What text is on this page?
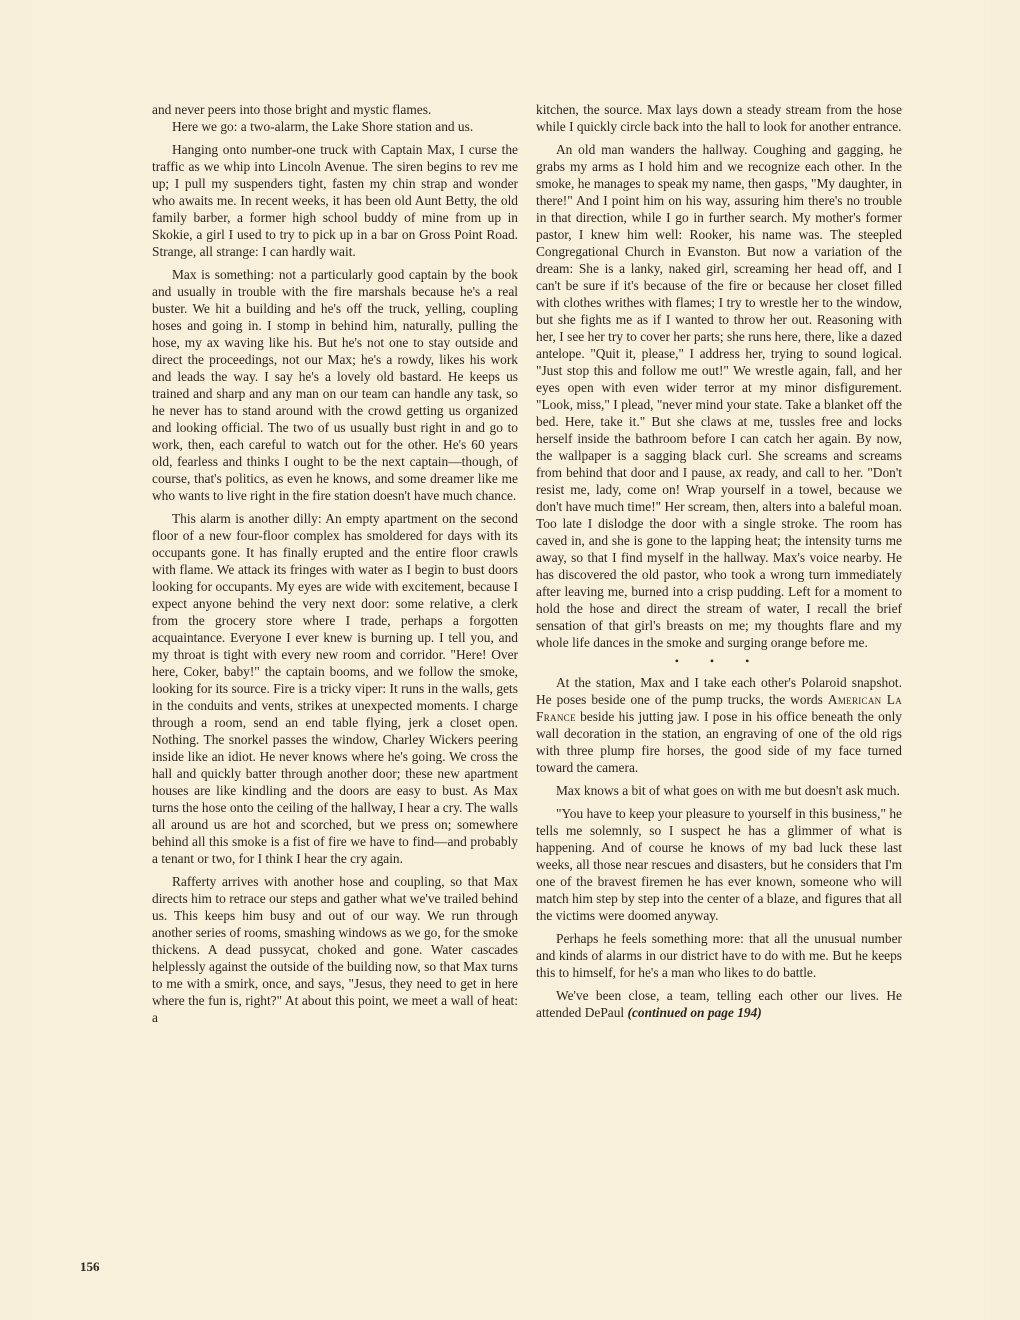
and never peers into those bright and mystic flames.

Here we go: a two-alarm, the Lake Shore station and us.

Hanging onto number-one truck with Captain Max, I curse the traffic as we whip into Lincoln Avenue. The siren begins to rev me up; I pull my suspenders tight, fasten my chin strap and wonder who awaits me. In recent weeks, it has been old Aunt Betty, the old family barber, a former high school buddy of mine from up in Skokie, a girl I used to try to pick up in a bar on Gross Point Road. Strange, all strange: I can hardly wait.

Max is something: not a particularly good captain by the book and usually in trouble with the fire marshals because he's a real buster. We hit a building and he's off the truck, yelling, coupling hoses and going in. I stomp in behind him, naturally, pulling the hose, my ax waving like his. But he's not one to stay outside and direct the proceedings, not our Max; he's a rowdy, likes his work and leads the way. I say he's a lovely old bastard. He keeps us trained and sharp and any man on our team can handle any task, so he never has to stand around with the crowd getting us organized and looking official. The two of us usually bust right in and go to work, then, each careful to watch out for the other. He's 60 years old, fearless and thinks I ought to be the next captain—though, of course, that's politics, as even he knows, and some dreamer like me who wants to live right in the fire station doesn't have much chance.

This alarm is another dilly: An empty apartment on the second floor of a new four-floor complex has smoldered for days with its occupants gone. It has finally erupted and the entire floor crawls with flame. We attack its fringes with water as I begin to bust doors looking for occupants. My eyes are wide with excitement, because I expect anyone behind the very next door: some relative, a clerk from the grocery store where I trade, perhaps a forgotten acquaintance. Everyone I ever knew is burning up. I tell you, and my throat is tight with every new room and corridor. "Here! Over here, Coker, baby!" the captain booms, and we follow the smoke, looking for its source. Fire is a tricky viper: It runs in the walls, gets in the conduits and vents, strikes at unexpected moments. I charge through a room, send an end table flying, jerk a closet open. Nothing. The snorkel passes the window, Charley Wickers peering inside like an idiot. He never knows where he's going. We cross the hall and quickly batter through another door; these new apartment houses are like kindling and the doors are easy to bust. As Max turns the hose onto the ceiling of the hallway, I hear a cry. The walls all around us are hot and scorched, but we press on; somewhere behind all this smoke is a fist of fire we have to find—and probably a tenant or two, for I think I hear the cry again.

Rafferty arrives with another hose and coupling, so that Max directs him to retrace our steps and gather what we've trailed behind us. This keeps him busy and out of our way. We run through another series of rooms, smashing windows as we go, for the smoke thickens. A dead pussycat, choked and gone. Water cascades helplessly against the outside of the building now, so that Max turns to me with a smirk, once, and says, "Jesus, they need to get in here where the fun is, right?" At about this point, we meet a wall of heat: a

kitchen, the source. Max lays down a steady stream from the hose while I quickly circle back into the hall to look for another entrance.

An old man wanders the hallway. Coughing and gagging, he grabs my arms as I hold him and we recognize each other. In the smoke, he manages to speak my name, then gasps, "My daughter, in there!" And I point him on his way, assuring him there's no trouble in that direction, while I go in further search. My mother's former pastor, I knew him well: Rooker, his name was. The steepled Congregational Church in Evanston. But now a variation of the dream: She is a lanky, naked girl, screaming her head off, and I can't be sure if it's because of the fire or because her closet filled with clothes writhes with flames; I try to wrestle her to the window, but she fights me as if I wanted to throw her out. Reasoning with her, I see her try to cover her parts; she runs here, there, like a dazed antelope. "Quit it, please," I address her, trying to sound logical. "Just stop this and follow me out!" We wrestle again, fall, and her eyes open with even wider terror at my minor disfigurement. "Look, miss," I plead, "never mind your state. Take a blanket off the bed. Here, take it." But she claws at me, tussles free and locks herself inside the bathroom before I can catch her again. By now, the wallpaper is a sagging black curl. She screams and screams from behind that door and I pause, ax ready, and call to her. "Don't resist me, lady, come on! Wrap yourself in a towel, because we don't have much time!" Her scream, then, alters into a baleful moan. Too late I dislodge the door with a single stroke. The room has caved in, and she is gone to the lapping heat; the intensity turns me away, so that I find myself in the hallway. Max's voice nearby. He has discovered the old pastor, who took a wrong turn immediately after leaving me, burned into a crisp pudding. Left for a moment to hold the hose and direct the stream of water, I recall the brief sensation of that girl's breasts on me; my thoughts flare and my whole life dances in the smoke and surging orange before me.

• • •

At the station, Max and I take each other's Polaroid snapshot. He poses beside one of the pump trucks, the words American La France beside his jutting jaw. I pose in his office beneath the only wall decoration in the station, an engraving of one of the old rigs with three plump fire horses, the good side of my face turned toward the camera.

Max knows a bit of what goes on with me but doesn't ask much.

"You have to keep your pleasure to yourself in this business," he tells me solemnly, so I suspect he has a glimmer of what is happening. And of course he knows of my bad luck these last weeks, all those near rescues and disasters, but he considers that I'm one of the bravest firemen he has ever known, someone who will match him step by step into the center of a blaze, and figures that all the victims were doomed anyway.

Perhaps he feels something more: that all the unusual number and kinds of alarms in our district have to do with me. But he keeps this to himself, for he's a man who likes to do battle.

We've been close, a team, telling each other our lives. He attended DePaul (continued on page 194)

156
